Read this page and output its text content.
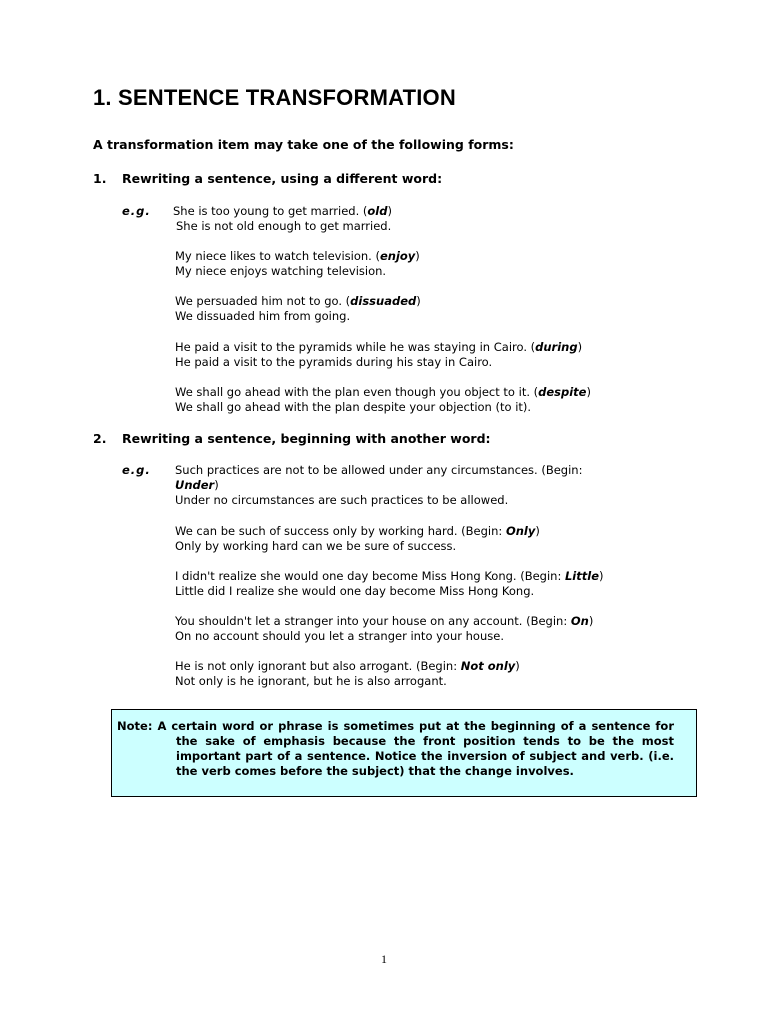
1. SENTENCE TRANSFORMATION
A transformation item may take one of the following forms:
1. Rewriting a sentence, using a different word:
e.g. She is too young to get married. (old)
She is not old enough to get married.
My niece likes to watch television. (enjoy)
My niece enjoys watching television.
We persuaded him not to go. (dissuaded)
We dissuaded him from going.
He paid a visit to the pyramids while he was staying in Cairo. (during)
He paid a visit to the pyramids during his stay in Cairo.
We shall go ahead with the plan even though you object to it. (despite)
We shall go ahead with the plan despite your objection (to it).
2. Rewriting a sentence, beginning with another word:
e.g. Such practices are not to be allowed under any circumstances. (Begin:
Under)
Under no circumstances are such practices to be allowed.
We can be such of success only by working hard. (Begin: Only)
Only by working hard can we be sure of success.
I didn't realize she would one day become Miss Hong Kong. (Begin: Little)
Little did I realize she would one day become Miss Hong Kong.
You shouldn't let a stranger into your house on any account. (Begin: On)
On no account should you let a stranger into your house.
He is not only ignorant but also arrogant. (Begin: Not only)
Not only is he ignorant, but he is also arrogant.
Note: A certain word or phrase is sometimes put at the beginning of a sentence for the sake of emphasis because the front position tends to be the most important part of a sentence. Notice the inversion of subject and verb. (i.e. the verb comes before the subject) that the change involves.
1
